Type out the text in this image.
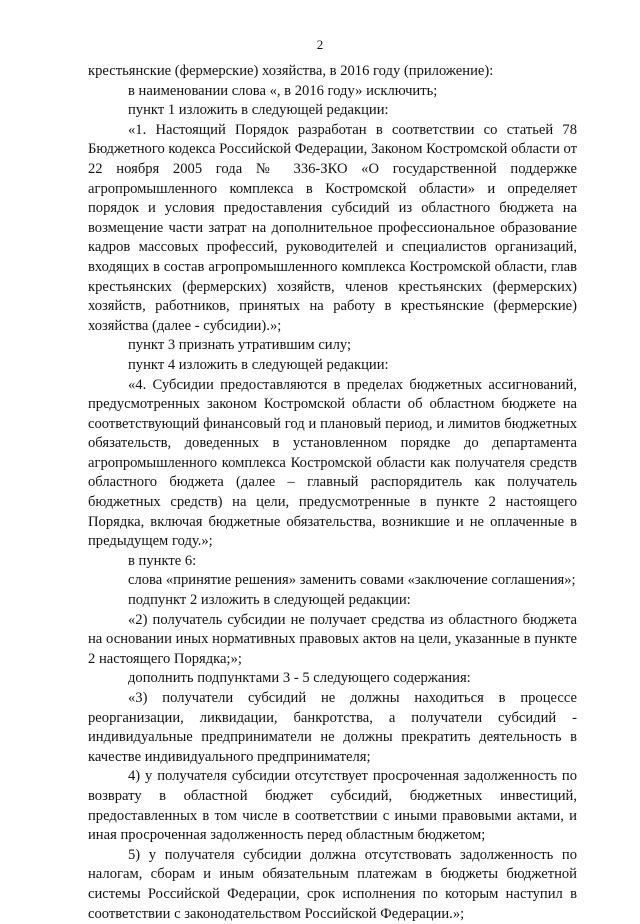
2

крестьянские (фермерские) хозяйства, в 2016 году (приложение):

в наименовании слова «, в 2016 году» исключить;

пункт 1 изложить в следующей редакции:

«1. Настоящий Порядок разработан в соответствии со статьей 78 Бюджетного кодекса Российской Федерации, Законом Костромской области от 22 ноября 2005 года № 336-ЗКО «О государственной поддержке агропромышленного комплекса в Костромской области» и определяет порядок и условия предоставления субсидий из областного бюджета на возмещение части затрат на дополнительное профессиональное образование кадров массовых профессий, руководителей и специалистов организаций, входящих в состав агропромышленного комплекса Костромской области, глав крестьянских (фермерских) хозяйств, членов крестьянских (фермерских) хозяйств, работников, принятых на работу в крестьянские (фермерские) хозяйства (далее - субсидии).»;

пункт 3 признать утратившим силу;

пункт 4 изложить в следующей редакции:

«4. Субсидии предоставляются в пределах бюджетных ассигнований, предусмотренных законом Костромской области об областном бюджете на соответствующий финансовый год и плановый период, и лимитов бюджетных обязательств, доведенных в установленном порядке до департамента агропромышленного комплекса Костромской области как получателя средств областного бюджета (далее – главный распорядитель как получатель бюджетных средств) на цели, предусмотренные в пункте 2 настоящего Порядка, включая бюджетные обязательства, возникшие и не оплаченные в предыдущем году.»;

в пункте 6:

слова «принятие решения» заменить совами «заключение соглашения»;

подпункт 2 изложить в следующей редакции:

«2) получатель субсидии не получает средства из областного бюджета на основании иных нормативных правовых актов на цели, указанные в пункте 2 настоящего Порядка;»;

дополнить подпунктами 3 - 5 следующего содержания:

«3) получатели субсидий не должны находиться в процессе реорганизации, ликвидации, банкротства, а получатели субсидий - индивидуальные предприниматели не должны прекратить деятельность в качестве индивидуального предпринимателя;

4) у получателя субсидии отсутствует просроченная задолженность по возврату в областной бюджет субсидий, бюджетных инвестиций, предоставленных в том числе в соответствии с иными правовыми актами, и иная просроченная задолженность перед областным бюджетом;

5) у получателя субсидии должна отсутствовать задолженность по налогам, сборам и иным обязательным платежам в бюджеты бюджетной системы Российской Федерации, срок исполнения по которым наступил в соответствии с законодательством Российской Федерации.»;
